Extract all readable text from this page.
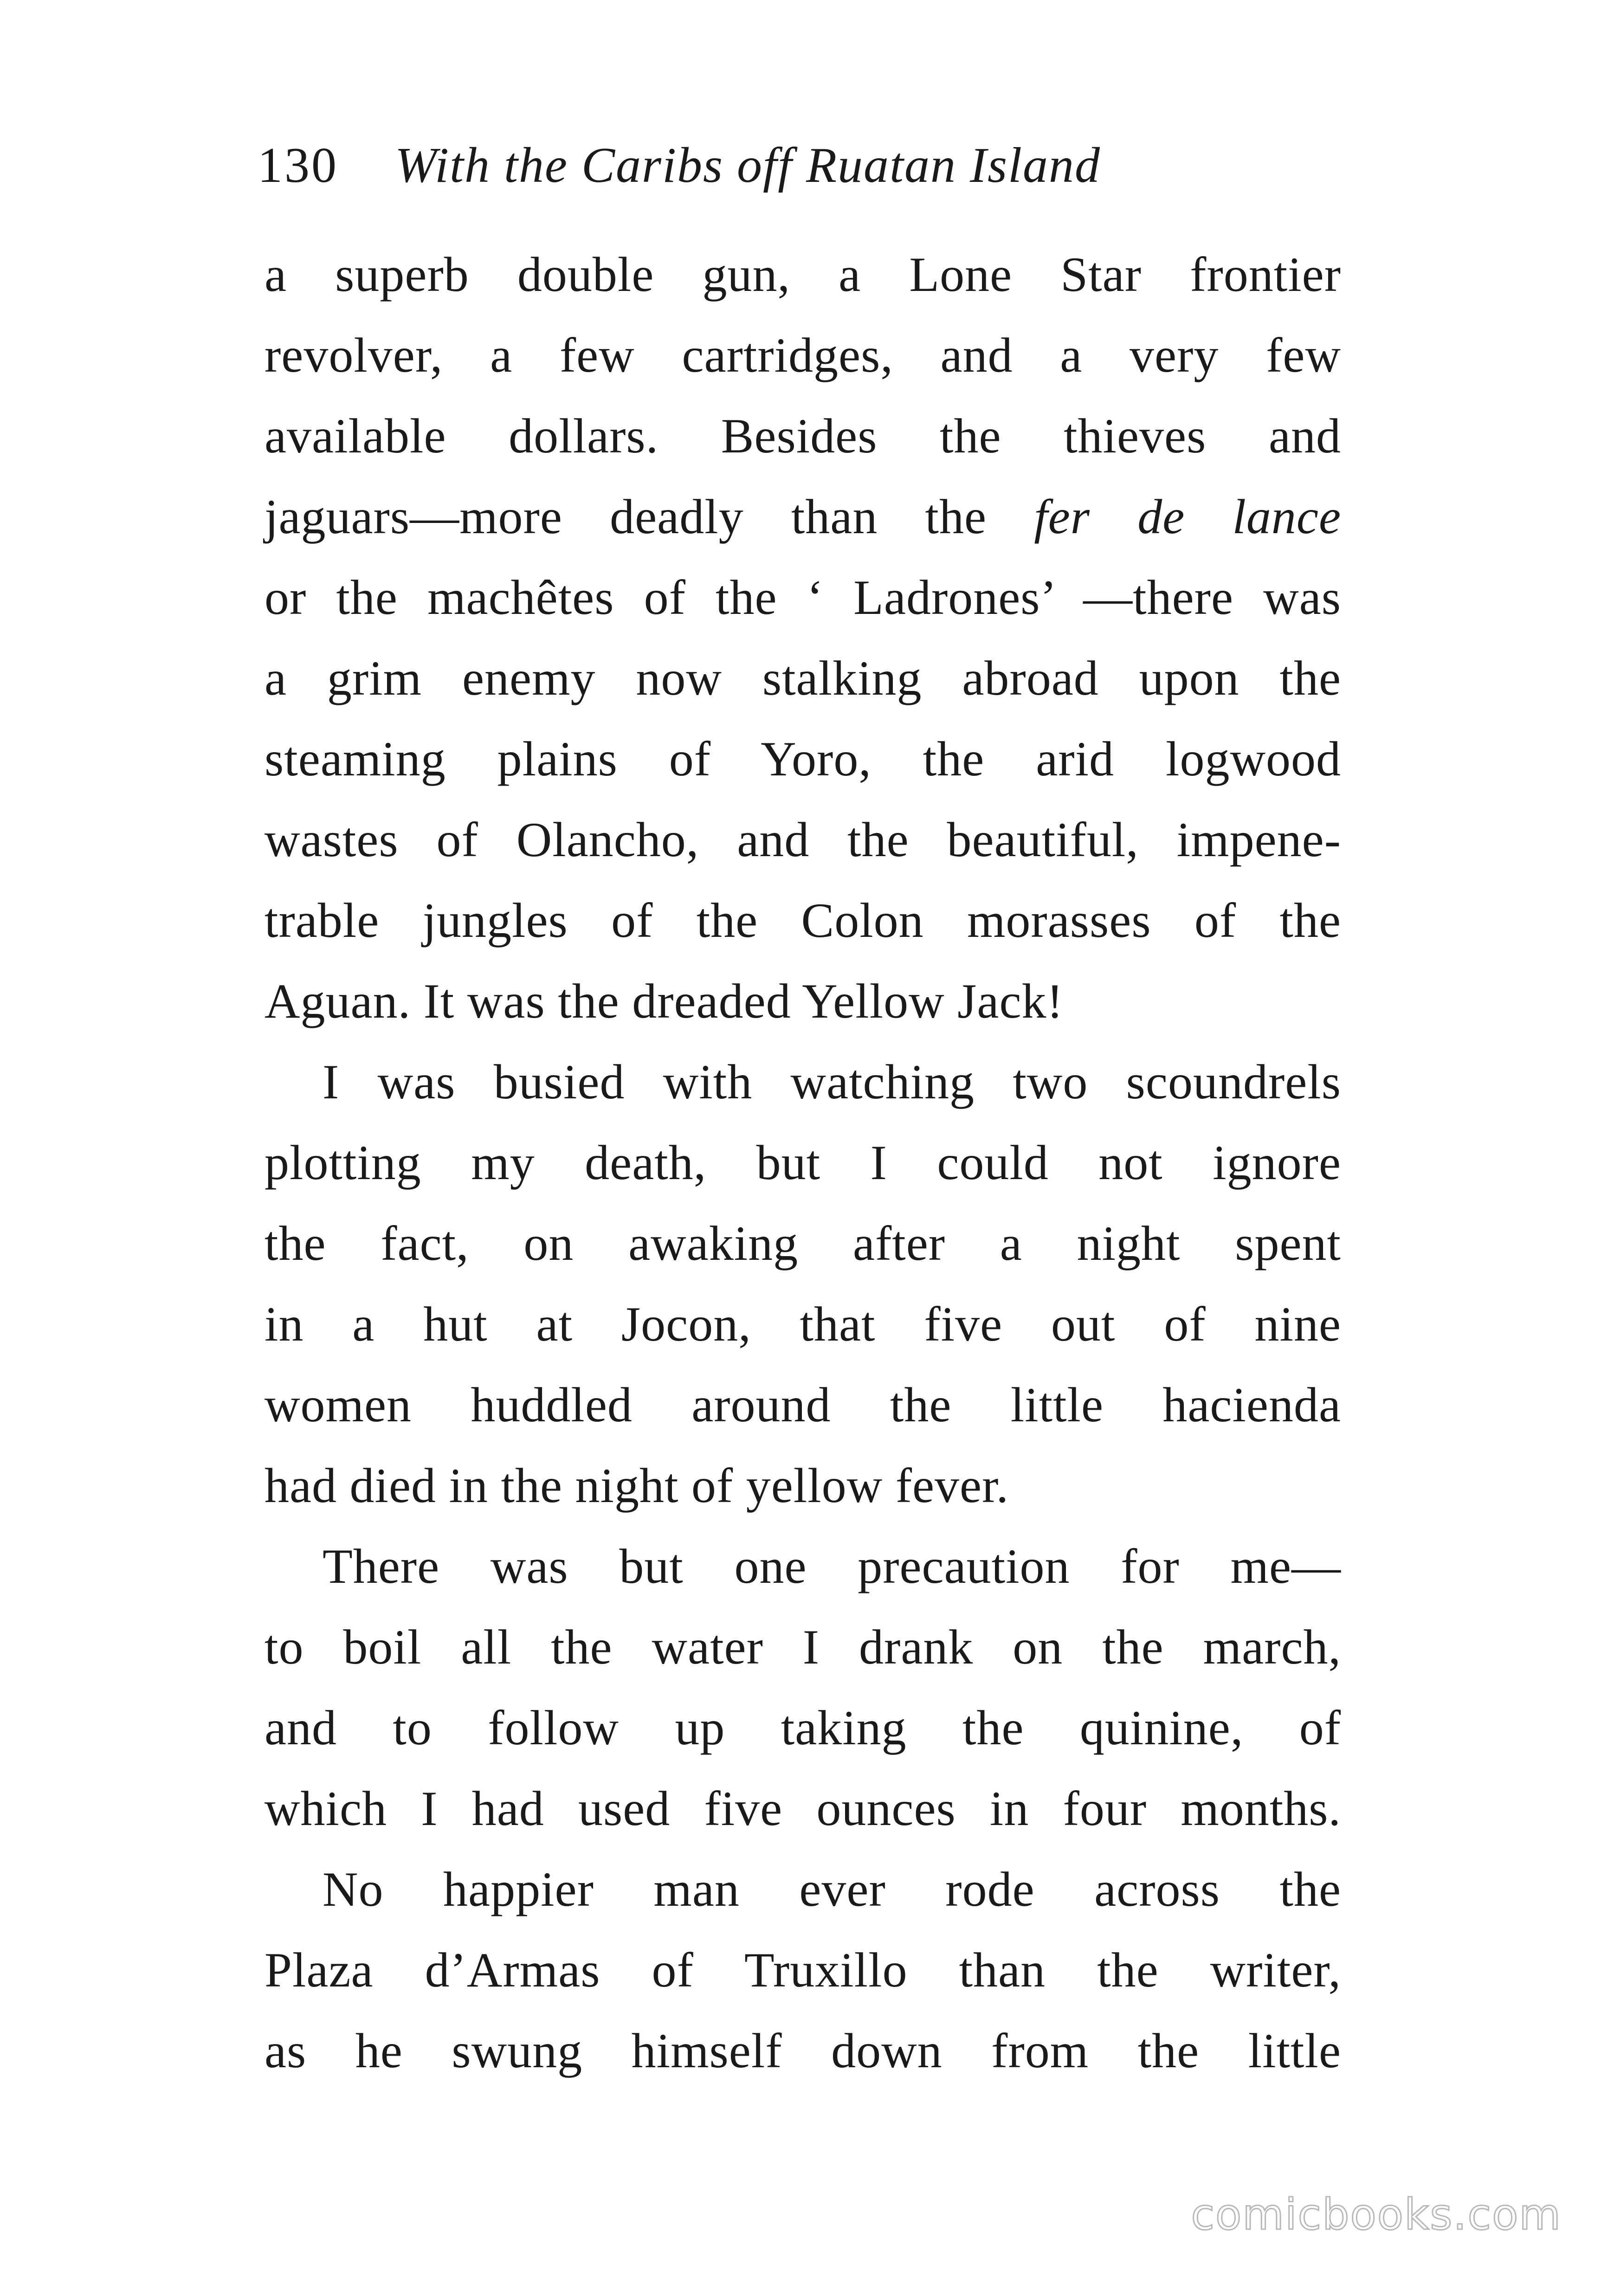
130 With the Caribs off Ruatan Island
a superb double gun, a Lone Star frontier
revolver, a few cartridges, and a very few
available dollars. Besides the thieves and
jaguars—more deadly than the fer de lance
or the machêtes of the ‘ Ladrones’ —there was
a grim enemy now stalking abroad upon the
steaming plains of Yoro, the arid logwood
wastes of Olancho, and the beautiful, impene-
trable jungles of the Colon morasses of the
Aguan. It was the dreaded Yellow Jack!
I was busied with watching two scoundrels
plotting my death, but I could not ignore
the fact, on awaking after a night spent
in a hut at Jocon, that five out of nine
women huddled around the little hacienda
had died in the night of yellow fever.
There was but one precaution for me—
to boil all the water I drank on the march,
and to follow up taking the quinine, of
which I had used five ounces in four months.
No happier man ever rode across the
Plaza d’Armas of Truxillo than the writer,
as he swung himself down from the little
comicbooks.com
